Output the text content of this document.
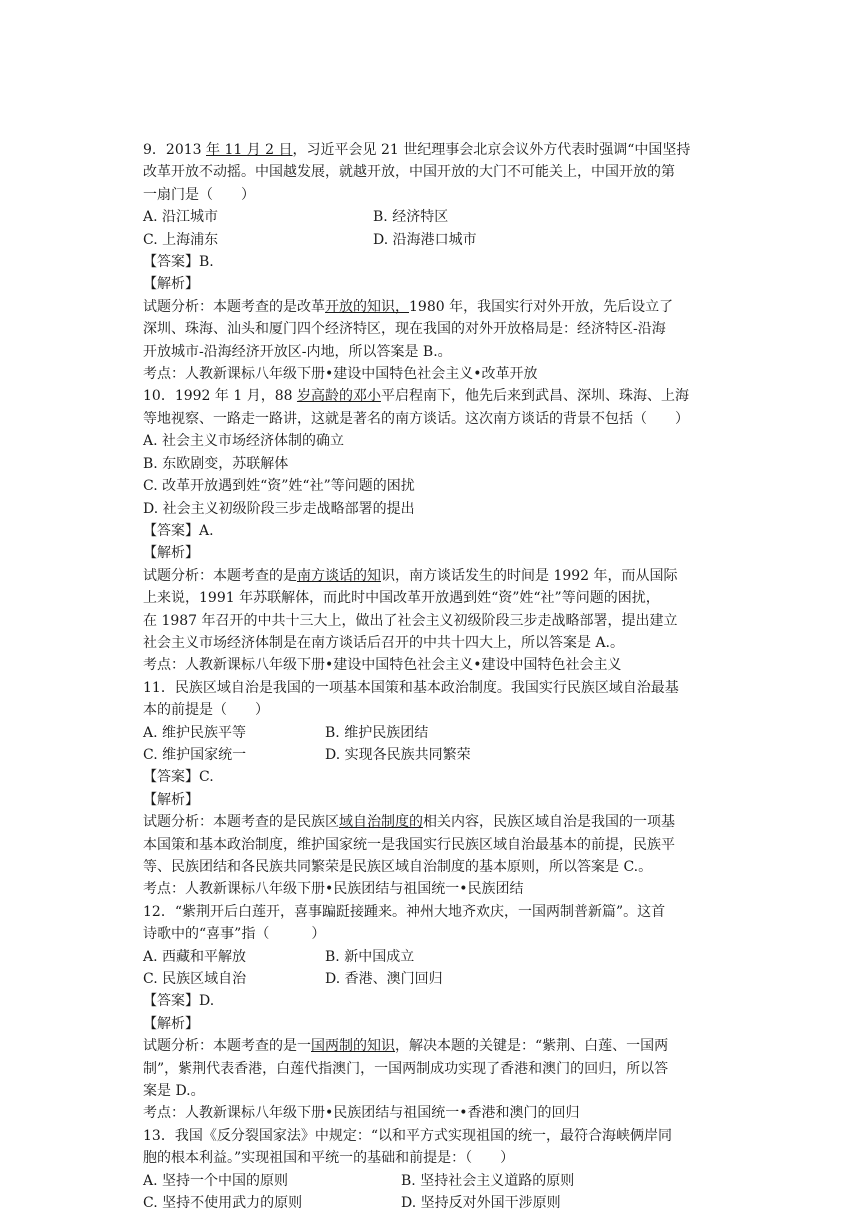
9．2013 年 11 月 2 日，习近平会见 21 世纪理事会北京会议外方代表时强调“中国坚持
改革开放不动摇。中国越发展，就越开放，中国开放的大门不可能关上，中国开放的第
一扇门是（　　）
A. 沿江城市	B. 经济特区
C. 上海浦东	D. 沿海港口城市
【答案】B.
【解析】
试题分析：本题考查的是改革开放的知识，1980 年，我国实行对外开放，先后设立了
深圳、珠海、汕头和厦门四个经济特区，现在我国的对外开放格局是：经济特区-沿海
开放城市-沿海经济开放区-内地，所以答案是 B.。
考点：人教新课标八年级下册•建设中国特色社会主义•改革开放
10．1992 年 1 月，88 岁高龄的邓小平启程南下，他先后来到武昌、深圳、珠海、上海
等地视察、一路走一路讲，这就是著名的南方谈话。这次南方谈话的背景不包括（　　）
A. 社会主义市场经济体制的确立
B. 东欧剧变，苏联解体
C. 改革开放遇到姓“资”姓“社”等问题的困扰
D. 社会主义初级阶段三步走战略部署的提出
【答案】A.
【解析】
试题分析：本题考查的是南方谈话的知识，南方谈话发生的时间是 1992 年，而从国际
上来说，1991 年苏联解体，而此时中国改革开放遇到姓“资”姓“社”等问题的困扰，
在 1987 年召开的中共十三大上，做出了社会主义初级阶段三步走战略部署，提出建立
社会主义市场经济体制是在南方谈话后召开的中共十四大上，所以答案是 A.。
考点：人教新课标八年级下册•建设中国特色社会主义•建设中国特色社会主义
11．民族区域自治是我国的一项基本国策和基本政治制度。我国实行民族区域自治最基
本的前提是（　　）
A. 维护民族平等	B. 维护民族团结
C. 维护国家统一	D. 实现各民族共同繁荣
【答案】C.
【解析】
试题分析：本题考查的是民族区域自治制度的相关内容，民族区域自治是我国的一项基
本国策和基本政治制度，维护国家统一是我国实行民族区域自治最基本的前提，民族平
等、民族团结和各民族共同繁荣是民族区域自治制度的基本原则，所以答案是 C.。
考点：人教新课标八年级下册•民族团结与祖国统一•民族团结
12．“紫荆开后白莲开，喜事蹁跹接踵来。神州大地齐欢庆，一国两制普新篇”。这首
诗歌中的“喜事”指（　　　）
A. 西藏和平解放	B. 新中国成立
C. 民族区域自治	D. 香港、澳门回归
【答案】D.
【解析】
试题分析：本题考查的是一国两制的知识，解决本题的关键是：“紫荆、白莲、一国两
制”，紫荆代表香港，白莲代指澳门，一国两制成功实现了香港和澳门的回归，所以答
案是 D.。
考点：人教新课标八年级下册•民族团结与祖国统一•香港和澳门的回归
13．我国《反分裂国家法》中规定：“以和平方式实现祖国的统一，最符合海峡俩岸同
胞的根本利益。”实现祖国和平统一的基础和前提是：（　　）
A. 坚持一个中国的原则	B. 坚持社会主义道路的原则
C. 坚持不使用武力的原则	D. 坚持反对外国干涉原则
